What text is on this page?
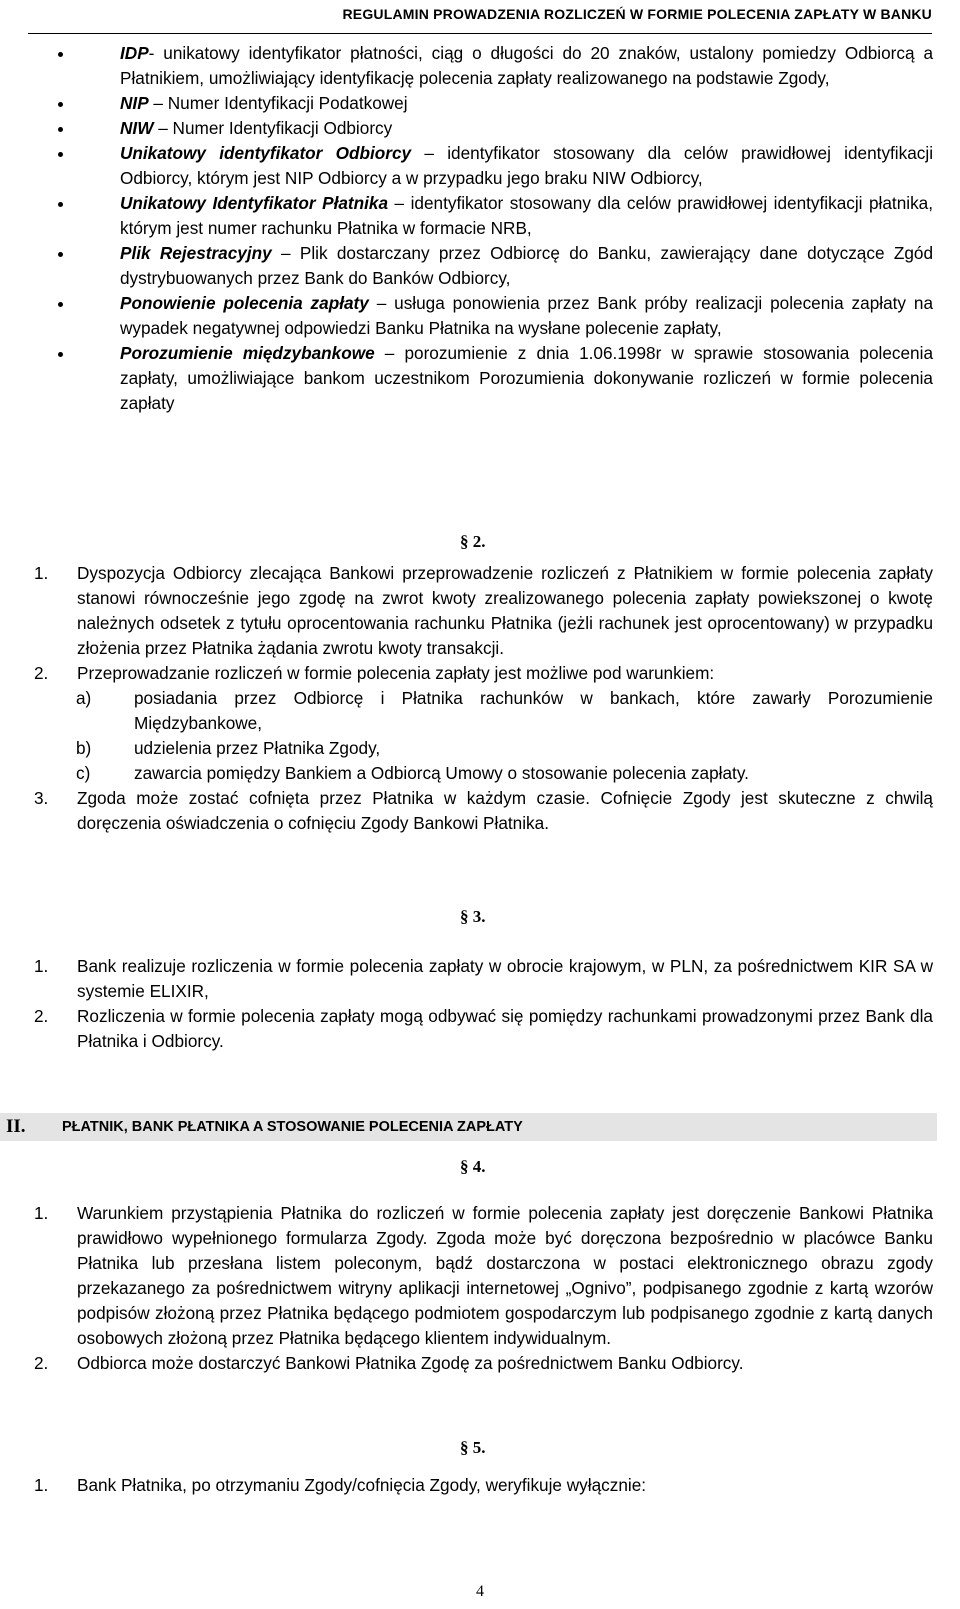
REGULAMIN PROWADZENIA ROZLICZEŃ W FORMIE POLECENIA ZAPŁATY W BANKU
IDP- unikatowy identyfikator płatności, ciąg o długości do 20 znaków, ustalony pomiedzy Odbiorcą a Płatnikiem, umożliwiający identyfikację polecenia zapłaty realizowanego na podstawie Zgody,
NIP – Numer Identyfikacji Podatkowej
NIW – Numer Identyfikacji Odbiorcy
Unikatowy identyfikator Odbiorcy – identyfikator stosowany dla celów prawidłowej identyfikacji Odbiorcy, którym jest NIP Odbiorcy a w przypadku jego braku NIW Odbiorcy,
Unikatowy Identyfikator Płatnika – identyfikator stosowany dla celów prawidłowej identyfikacji płatnika, którym jest numer rachunku Płatnika w formacie NRB,
Plik Rejestracyjny – Plik dostarczany przez Odbiorcę do Banku, zawierający dane dotyczące Zgód dystrybuowanych przez Bank do Banków Odbiorcy,
Ponowienie polecenia zapłaty – usługa ponowienia przez Bank próby realizacji polecenia zapłaty na wypadek negatywnej odpowiedzi Banku Płatnika na wysłane polecenie zapłaty,
Porozumienie międzybankowe – porozumienie z dnia 1.06.1998r w sprawie stosowania polecenia zapłaty, umożliwiające bankom uczestnikom Porozumienia dokonywanie rozliczeń w formie polecenia zapłaty
§ 2.
1. Dyspozycja Odbiorcy zlecająca Bankowi przeprowadzenie rozliczeń z Płatnikiem w formie polecenia zapłaty stanowi równocześnie jego zgodę na zwrot kwoty zrealizowanego polecenia zapłaty powiekszonej o kwotę należnych odsetek z tytułu oprocentowania rachunku Płatnika (jeżli rachunek jest oprocentowany) w przypadku złożenia przez Płatnika żądania zwrotu kwoty transakcji.
2. Przeprowadzanie rozliczeń w formie polecenia zapłaty jest możliwe pod warunkiem:
a) posiadania przez Odbiorcę i Płatnika rachunków w bankach, które zawarły Porozumienie Międzybankowe,
b) udzielenia przez Płatnika Zgody,
c)	zawarcia pomiędzy Bankiem a Odbiorcą Umowy o stosowanie polecenia zapłaty.
3. Zgoda może zostać cofnięta przez Płatnika w każdym czasie. Cofnięcie Zgody jest skuteczne z chwilą doręczenia oświadczenia o cofnięciu Zgody Bankowi Płatnika.
§ 3.
1. Bank realizuje rozliczenia w formie polecenia zapłaty w obrocie krajowym, w PLN, za pośrednictwem KIR SA w systemie ELIXIR,
2. Rozliczenia w formie polecenia zapłaty mogą odbywać się pomiędzy rachunkami prowadzonymi przez Bank dla Płatnika i Odbiorcy.
II.	PŁATNIK, BANK PŁATNIKA A STOSOWANIE POLECENIA ZAPŁATY
§ 4.
1. Warunkiem przystąpienia Płatnika do rozliczeń w formie polecenia zapłaty jest doręczenie Bankowi Płatnika prawidłowo wypełnionego formularza Zgody. Zgoda może być doręczona bezpośrednio w placówce Banku Płatnika lub przesłana listem poleconym, bądź dostarczona w postaci elektronicznego obrazu zgody przekazanego za pośrednictwem witryny aplikacji internetowej „Ognivo”, podpisanego zgodnie z kartą wzorów podpisów złożoną przez Płatnika będącego podmiotem gospodarczym lub podpisanego zgodnie z kartą danych osobowych złożoną przez Płatnika będącego klientem indywidualnym.
2. Odbiorca może dostarczyć Bankowi Płatnika Zgodę za pośrednictwem Banku Odbiorcy.
§ 5.
1. Bank Płatnika, po otrzymaniu Zgody/cofnięcia Zgody, weryfikuje wyłącznie:
4
